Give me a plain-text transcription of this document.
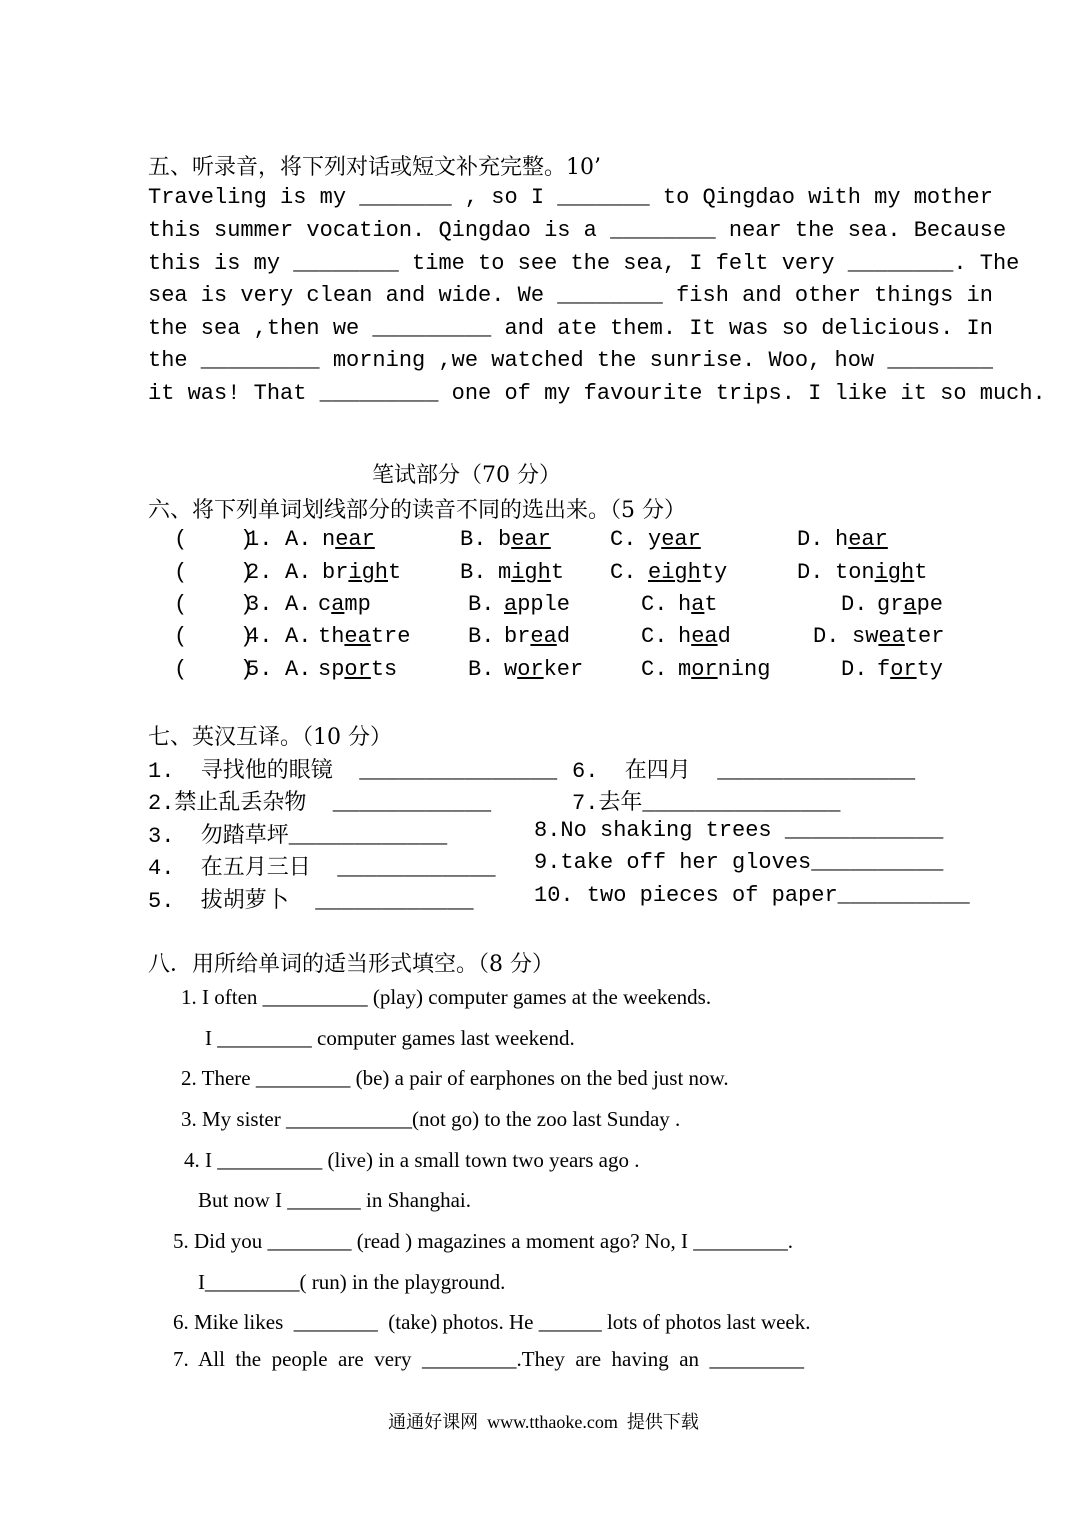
五、听录音，将下列对话或短文补充完整。10’
Traveling is my _______ , so I _______ to Qingdao with my mother
this summer vocation. Qingdao is a ________ near the sea. Because
this is my ________ time to see the sea, I felt very ________. The
sea is very clean and wide. We ________ fish and other things in
the sea ,then we _________ and ate them. It was so delicious. In
the _________ morning ,we watched the sunrise. Woo, how ________
it was! That _________ one of my favourite trips. I like it so much.
笔试部分（70 分）
六、将下列单词划线部分的读音不同的选出来。（5 分）
(    )
1. A. near	B. bear	C. year	D. hear
(    )
2. A. bright	B. might C. eighty	D. tonight
(    )
3. A. camp	B. apple	C. hat	D. grape
(    )
4. A. theatre	B. bread	C. head	D. sweater
(    )
5. A. sports	B. worker	C. morning	D. forty
七、英汉互译。（10 分）
1.  寻找他的眼镜  _______________
2.禁止乱丢杂物  ____________
3.  勿踏草坪____________
4.  在五月三日  ____________
5.  拔胡萝卜  ____________
6.  在四月  _______________
7.去年_______________
8.No shaking trees ____________
9.take off her gloves__________
10. two pieces of paper__________
八．用所给单词的适当形式填空。（8 分）
1. I often __________ (play) computer games at the weekends.
I _________ computer games last weekend.
2. There _________ (be) a pair of earphones on the bed just now.
3. My sister ____________(not go) to the zoo last Sunday .
4. I __________ (live) in a small town two years ago .
But now I _______ in Shanghai.
5. Did you ________ (read ) magazines a moment ago? No, I _________.
I_________( run) in the playground.
6. Mike likes  ________  (take) photos. He ______ lots of photos last week.
7.  All  the  people  are  very  _________.They  are  having  an  _________
通通好课网  www.tthaoke.com  提供下载
